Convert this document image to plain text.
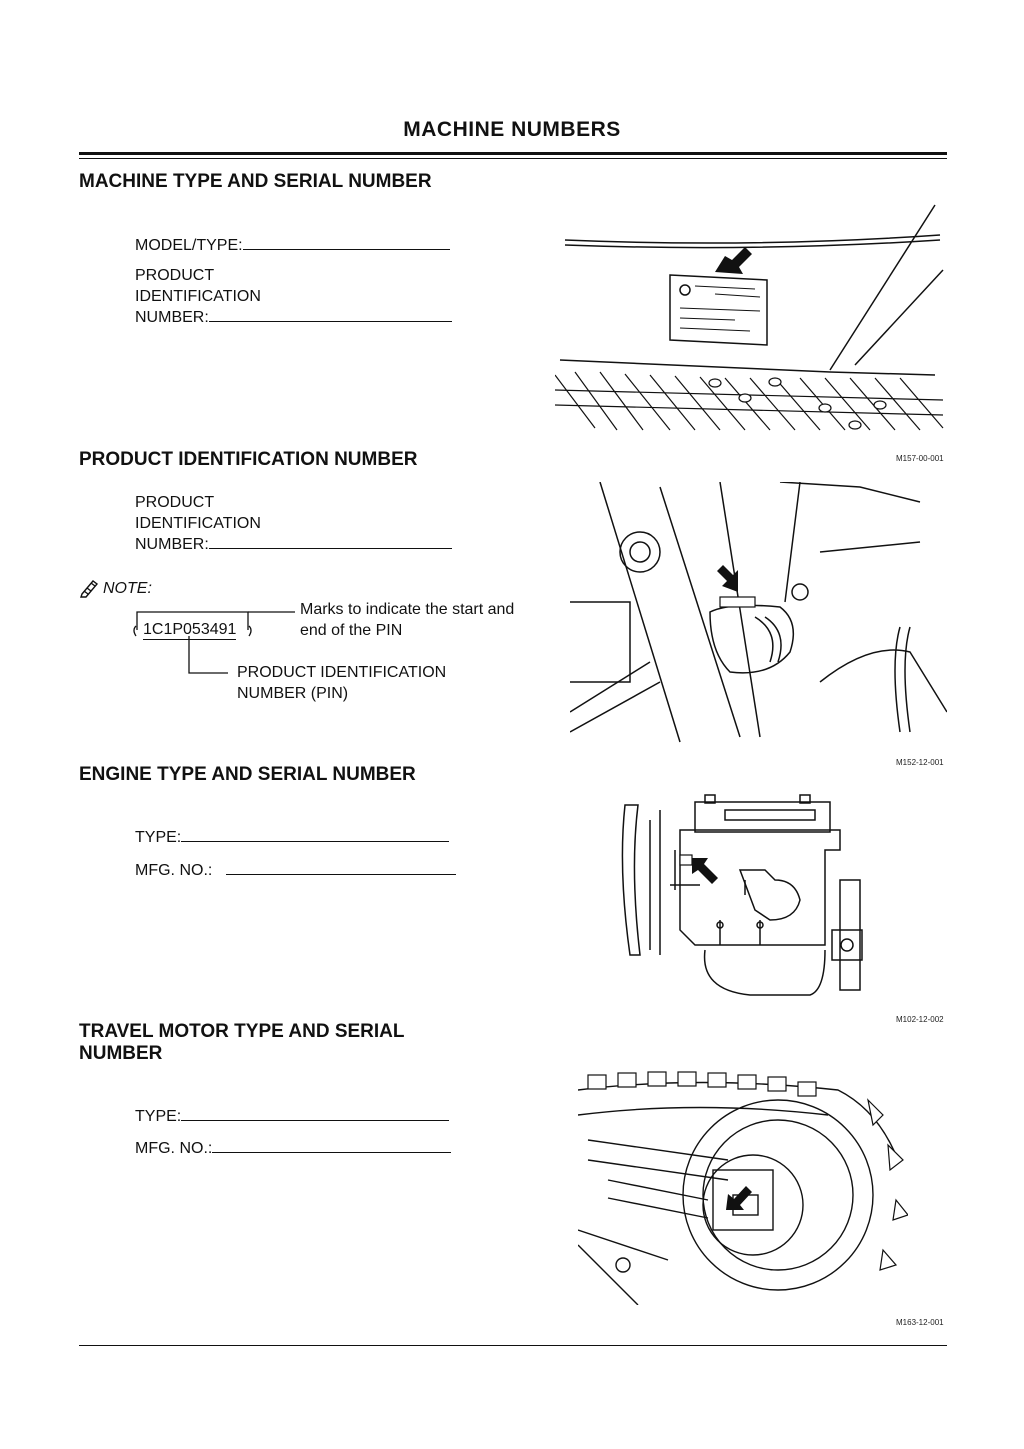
MACHINE NUMBERS
MACHINE TYPE AND SERIAL NUMBER
MODEL/TYPE:
PRODUCT
IDENTIFICATION
NUMBER:
M157-00-001
PRODUCT IDENTIFICATION NUMBER
PRODUCT
IDENTIFICATION
NUMBER:
NOTE:
1C1P053491
Marks to indicate the start and
end of the PIN
PRODUCT IDENTIFICATION
NUMBER (PIN)
M152-12-001
ENGINE TYPE AND SERIAL NUMBER
TYPE:
MFG. NO.:
M102-12-002
TRAVEL MOTOR TYPE AND SERIAL
NUMBER
TYPE:
MFG. NO.:
M163-12-001
